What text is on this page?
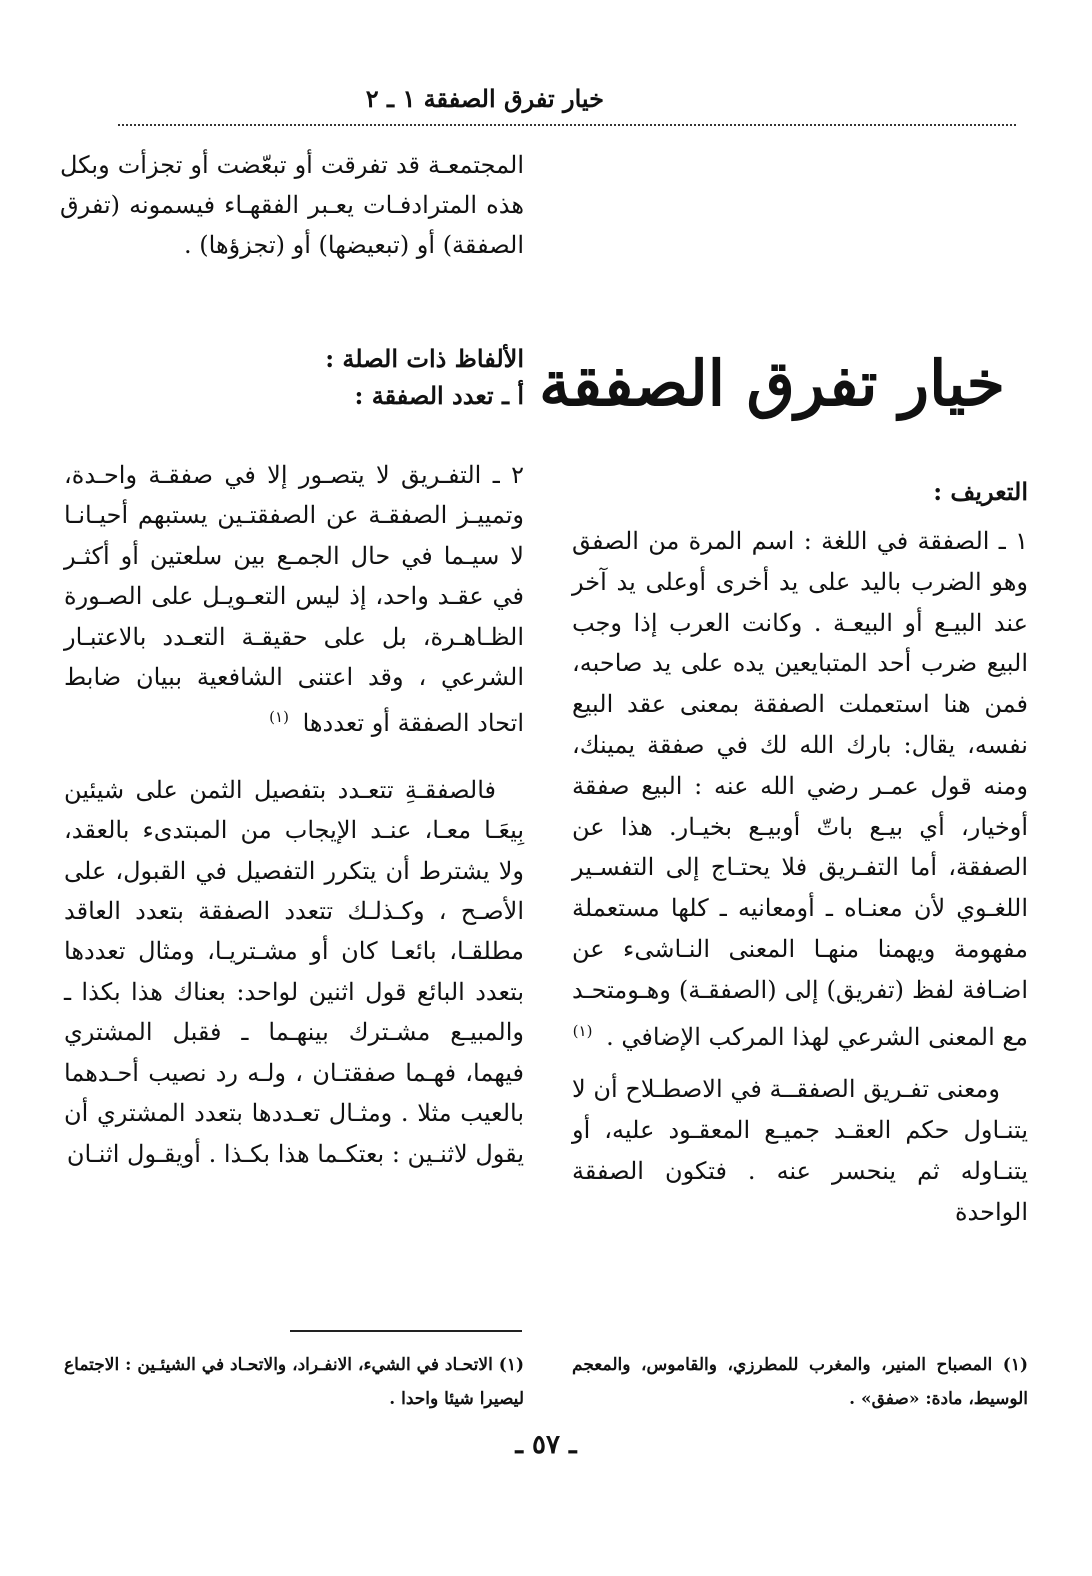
خيار تفرق الصفقة ١ ـ ٢
المجتمعـة قد تفرقت أو تبعّضت أو تجزأت وبكل هذه المترادفـات يعـبر الفقهـاء فيسمونه (تفرق الصفقة) أو (تبعيضها) أو (تجزؤها) .
الألفاظ ذات الصلة :
أ ـ تعدد الصفقة :

٢ ـ التفـريق لا يتصـور إلا في صفقـة واحـدة، وتمييـز الصفقـة عن الصفقتـين يستبهم أحيـانـا لا سيـما في حال الجمـع بين سلعتين أو أكثـر في عقـد واحد، إذ ليس التعـويـل على الصـورة الظـاهـرة، بل على حقيقـة التعـدد بالاعتبـار الشرعي ، وقد اعتنى الشافعية ببيان ضابط اتحاد الصفقة أو تعددها $^{(١)}$

فالصفقـةِ تتعـدد بتفصيل الثمن على شيئين بِيعَـا معـا، عنـد الإيجاب من المبتدىء بالعقد، ولا يشترط أن يتكرر التفصيل في القبول، على الأصـح ، وكـذلـك تتعدد الصفقة بتعدد العاقد مطلقـا، بائعـا كان أو مشـتريـا، ومثال تعددها بتعدد البائع قول اثنين لواحد: بعناك هذا بكذا ـ والمبيـع مشـترك بينهـما ـ فقبل المشتري فيهما، فهـما صفقتـان ، ولـه رد نصيب أحـدهما بالعيب مثلا . ومثـال تعـددها بتعدد المشتري أن يقول لاثنـين : بعتكـما هذا بكـذا . أويقـول اثنـان

خيار تفرق الصفقة
التعريف :

١ ـ الصفقة في اللغة : اسم المرة من الصفق وهو الضرب باليد على يد أخرى أوعلى يد آخر عند البيـع أو البيعـة . وكانت العرب إذا وجب البيع ضرب أحد المتبايعين يده على يد صاحبه، فمن هنا استعملت الصفقة بمعنى عقد البيع نفسه، يقال: بارك الله لك في صفقة يمينك، ومنه قول عمـر رضي الله عنه : البيع صفقة أوخيار، أي بيـع باتّ أوبيـع بخيـار. هذا عن الصفقة، أما التفـريق فلا يحتـاج إلى التفسـير اللغـوي لأن معنـاه ـ أومعانيه ـ كلها مستعملة مفهومة ويهمنا منهـا المعنى النـاشىء عن اضـافة لفظ (تفريق) إلى (الصفقـة) وهـومتحـد مع المعنى الشرعي لهذا المركب الإضافي . $^{(١)}$

ومعنى تفـريق الصفقــة في الاصطـلاح أن لا يتنـاول حكم العقـد جميـع المعقـود عليه، أو يتنـاوله ثم ينحسر عنه . فتكون الصفقة الواحدة

(١) الاتحـاد في الشيء، الانفـراد، والاتحـاد في الشيئـين : الاجتماع ليصيرا شيئا واحدا .
(١) المصباح المنير، والمغرب للمطرزي، والقاموس، والمعجم الوسيط، مادة: «صفق» .
ـ ٥٧ ـ
